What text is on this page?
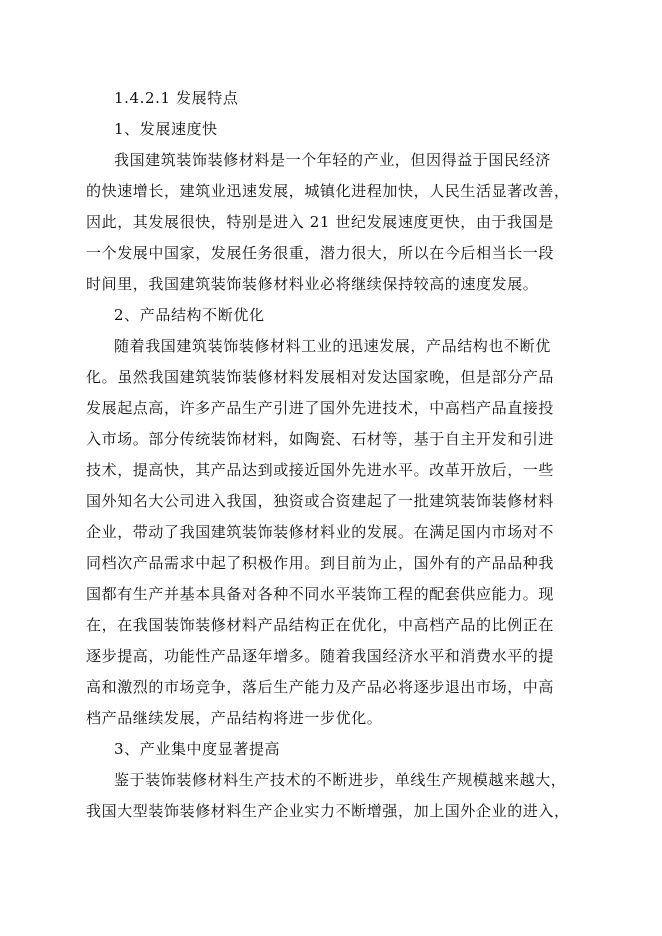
1.4.2.1 发展特点
1、发展速度快
我国建筑装饰装修材料是一个年轻的产业，但因得益于国民经济
的快速增长，建筑业迅速发展，城镇化进程加快，人民生活显著改善，
因此，其发展很快，特别是进入 21 世纪发展速度更快，由于我国是
一个发展中国家，发展任务很重，潜力很大，所以在今后相当长一段
时间里，我国建筑装饰装修材料业必将继续保持较高的速度发展。
2、产品结构不断优化
随着我国建筑装饰装修材料工业的迅速发展，产品结构也不断优
化。虽然我国建筑装饰装修材料发展相对发达国家晚，但是部分产品
发展起点高，许多产品生产引进了国外先进技术，中高档产品直接投
入市场。部分传统装饰材料，如陶瓷、石材等，基于自主开发和引进
技术，提高快，其产品达到或接近国外先进水平。改革开放后，一些
国外知名大公司进入我国，独资或合资建起了一批建筑装饰装修材料
企业，带动了我国建筑装饰装修材料业的发展。在满足国内市场对不
同档次产品需求中起了积极作用。到目前为止，国外有的产品品种我
国都有生产并基本具备对各种不同水平装饰工程的配套供应能力。现
在，在我国装饰装修材料产品结构正在优化，中高档产品的比例正在
逐步提高，功能性产品逐年增多。随着我国经济水平和消费水平的提
高和激烈的市场竞争，落后生产能力及产品必将逐步退出市场，中高
档产品继续发展，产品结构将进一步优化。
3、产业集中度显著提高
鉴于装饰装修材料生产技术的不断进步，单线生产规模越来越大，
我国大型装饰装修材料生产企业实力不断增强，加上国外企业的进入，
